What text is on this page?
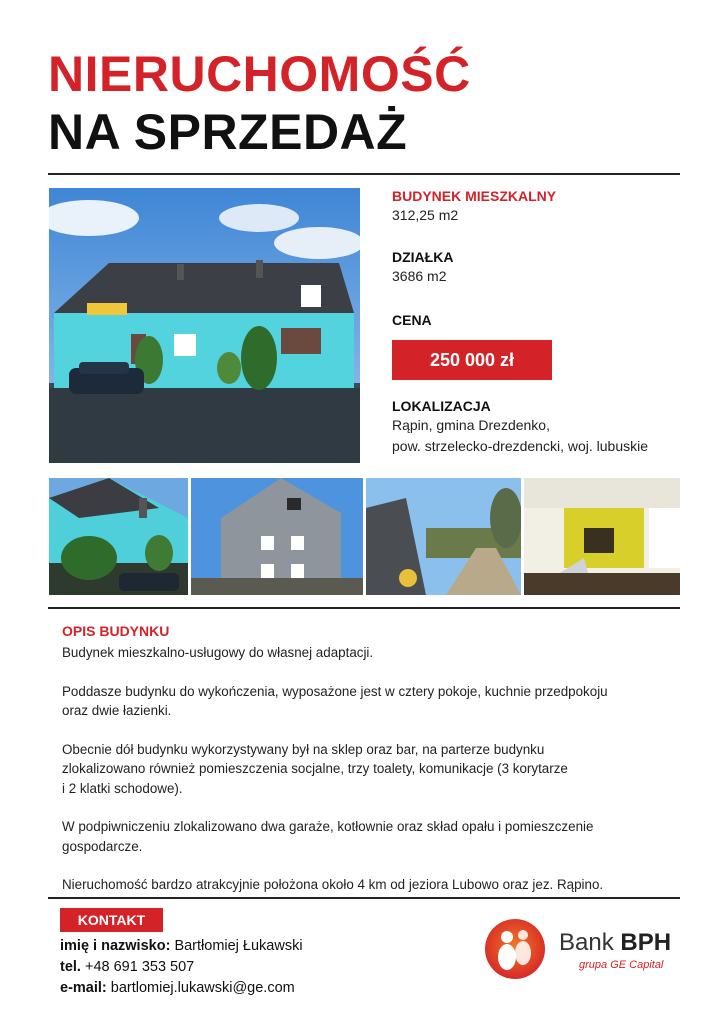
NIERUCHOMOŚĆ
NA SPRZEDAŻ
BUDYNEK MIESZKALNY
312,25 m2
DZIAŁKA
3686 m2
CENA
250 000 zł
LOKALIZACJA
Rąpin, gmina Drezdenko,
pow. strzelecko-drezdencki, woj. lubuskie
OPIS BUDYNKU

Budynek mieszkalno-usługowy do własnej adaptacji.

Poddasze budynku do wykończenia, wyposażone jest w cztery pokoje, kuchnie przedpokoju
oraz dwie łazienki.

Obecnie dół budynku wykorzystywany był na sklep oraz bar, na parterze budynku
zlokalizowano również pomieszczenia socjalne, trzy toalety, komunikacje (3 korytarze
i 2 klatki schodowe).

W podpiwniczeniu zlokalizowano dwa garaże, kotłownie oraz skład opału i pomieszczenie
gospodarcze.

Nieruchomość bardzo atrakcyjnie położona około 4 km od jeziora Lubowo oraz jez. Rąpino.

KONTAKT
imię i nazwisko: Bartłomiej Łukawski
tel. +48 691 353 507
e-mail: bartlomiej.lukawski@ge.com
Bank BPH
grupa GE Capital
